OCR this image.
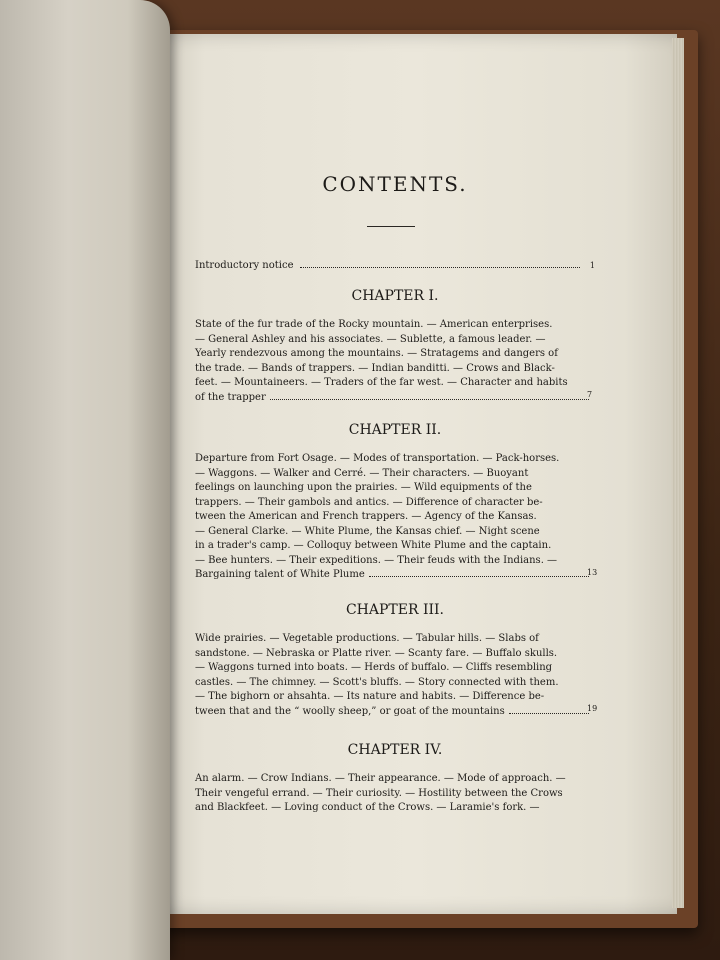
CONTENTS.
Introductory notice	1
CHAPTER I.
State of the fur trade of the Rocky mountain. — American enterprises.
— General Ashley and his associates. — Sublette, a famous leader. —
Yearly rendezvous among the mountains. — Stratagems and dangers of
the trade. — Bands of trappers. — Indian banditti. — Crows and Black-
feet. — Mountaineers. — Traders of the far west. — Character and habits
of the trapper	7
CHAPTER II.
Departure from Fort Osage. — Modes of transportation. — Pack-horses.
— Waggons. — Walker and Cerré. — Their characters. — Buoyant
feelings on launching upon the prairies. — Wild equipments of the
trappers. — Their gambols and antics. — Difference of character be-
tween the American and French trappers. — Agency of the Kansas.
— General Clarke. — White Plume, the Kansas chief. — Night scene
in a trader's camp. — Colloquy between White Plume and the captain.
— Bee hunters. — Their expeditions. — Their feuds with the Indians. —
Bargaining talent of White Plume	13
CHAPTER III.
Wide prairies. — Vegetable productions. — Tabular hills. — Slabs of
sandstone. — Nebraska or Platte river. — Scanty fare. — Buffalo skulls.
— Waggons turned into boats. — Herds of buffalo. — Cliffs resembling
castles. — The chimney. — Scott's bluffs. — Story connected with them.
— The bighorn or ahsahta. — Its nature and habits. — Difference be-
tween that and the “ woolly sheep,” or goat of the mountains	19
CHAPTER IV.
An alarm. — Crow Indians. — Their appearance. — Mode of approach. —
Their vengeful errand. — Their curiosity. — Hostility between the Crows
and Blackfeet. — Loving conduct of the Crows. — Laramie's fork. —
